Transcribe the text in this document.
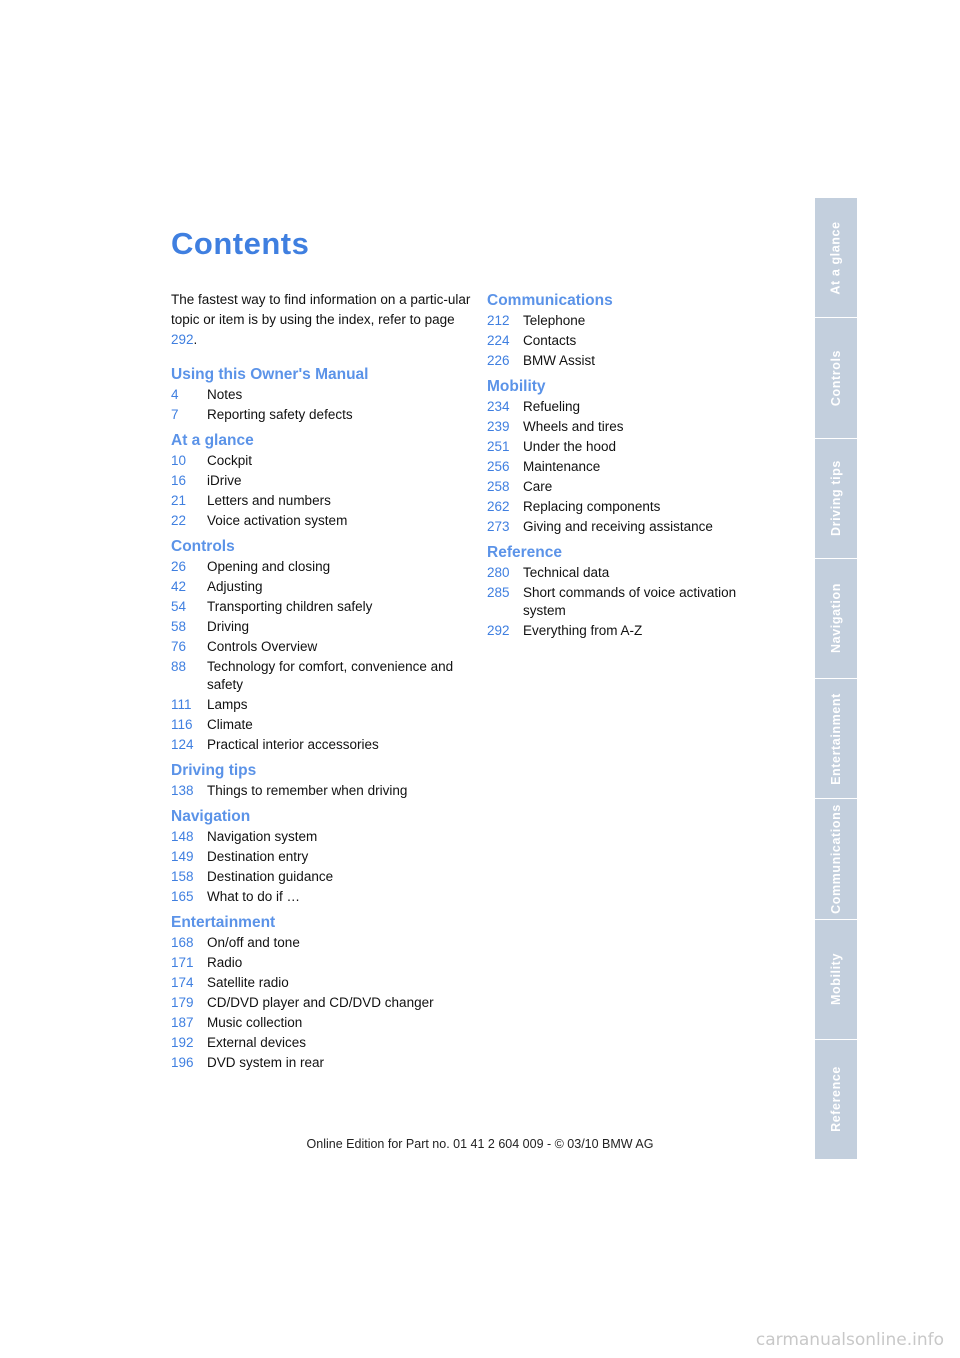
Contents

The fastest way to find information on a partic-ular topic or item is by using the index, refer to page 292.

Using this Owner's Manual
4	Notes
7	Reporting safety defects
At a glance
10	Cockpit
16	iDrive
21	Letters and numbers
22	Voice activation system
Controls
26	Opening and closing
42	Adjusting
54	Transporting children safely
58	Driving
76	Controls Overview
88	Technology for comfort, convenience and safety
111	Lamps
116	Climate
124 Practical interior accessories
Driving tips
138 Things to remember when driving
Navigation
148 Navigation system
149 Destination entry
158 Destination guidance
165 What to do if …
Entertainment
168 On/off and tone
171 Radio
174 Satellite radio
179 CD/DVD player and CD/DVD changer
187 Music collection
192 External devices
196 DVD system in rear
Communications
212 Telephone
224 Contacts
226 BMW Assist
Mobility
234 Refueling
239 Wheels and tires
251 Under the hood
256 Maintenance
258 Care
262 Replacing components
273 Giving and receiving assistance
Reference
280 Technical data
285 Short commands of voice activation system
292 Everything from A-Z
At a glance
Controls
Driving tips
Navigation
Entertainment
Communications
Mobility
Reference
Online Edition for Part no. 01 41 2 604 009 - © 03/10 BMW AG
carmanualsonline.info
